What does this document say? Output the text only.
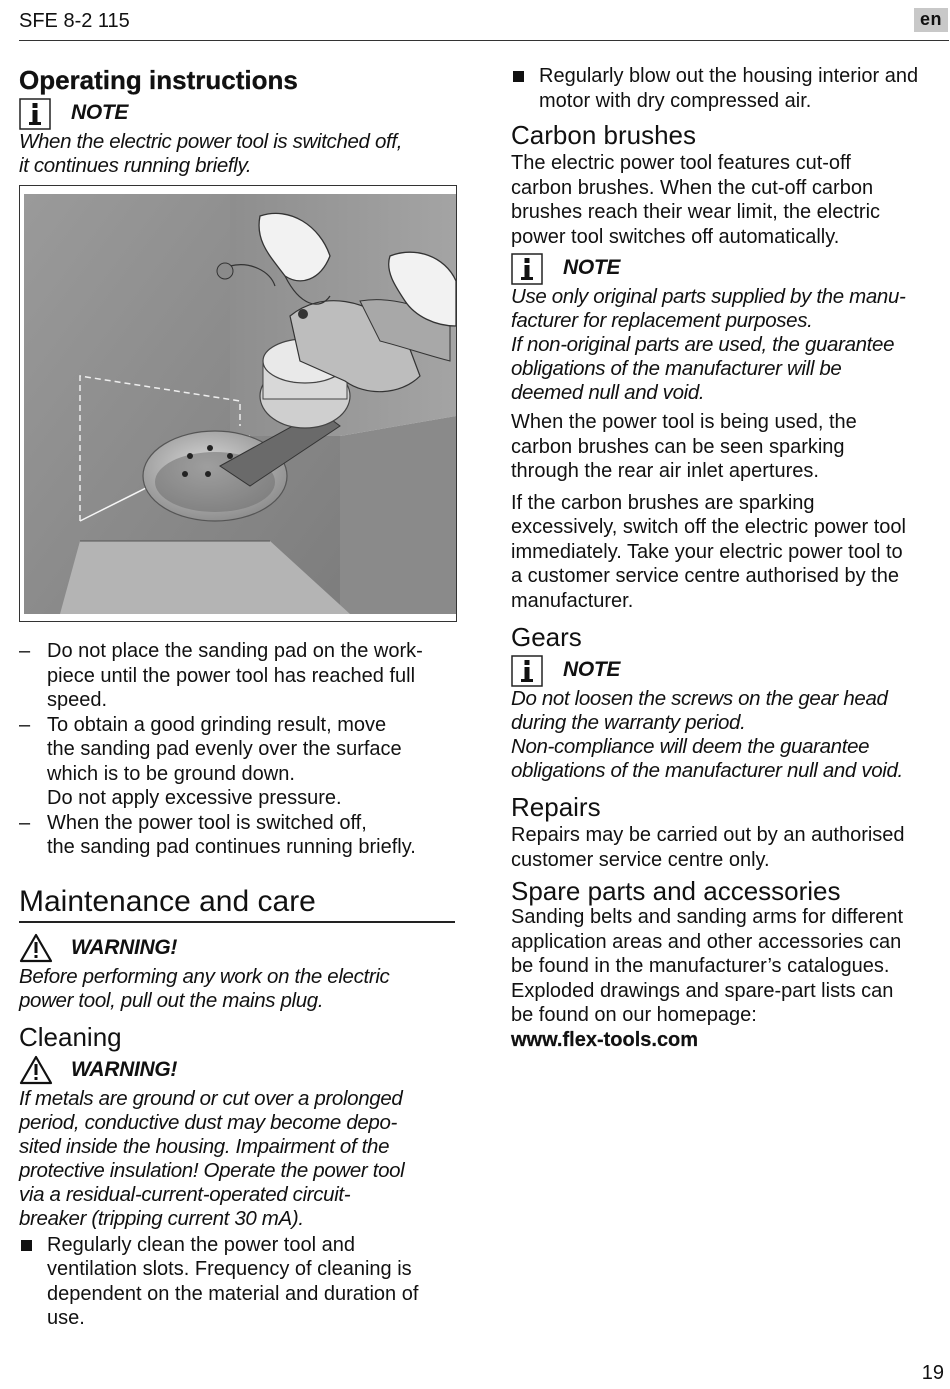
SFE 8-2 115	en
Operating instructions
NOTE

When the electric power tool is switched off,

it continues running briefly.

– Do not place the sanding pad on the work-
piece until the power tool has reached full
speed.
– To obtain a good grinding result, move
the sanding pad evenly over the surface
which is to be ground down.
Do not apply excessive pressure.
– When the power tool is switched off,
the sanding pad continues running briefly.
Maintenance and care
WARNING!

Before performing any work on the electric

power tool, pull out the mains plug.

Cleaning
WARNING!

If metals are ground or cut over a prolonged

period, conductive dust may become depo-

sited inside the housing. Impairment of the

protective insulation! Operate the power tool

via a residual-current-operated circuit-

breaker (tripping current 30 mA).

Regularly clean the power tool and
ventilation slots. Frequency of cleaning is
dependent on the material and duration of
use.
Regularly blow out the housing interior and
motor with dry compressed air.
Carbon brushes

The electric power tool features cut-off

carbon brushes. When the cut-off carbon

brushes reach their wear limit, the electric

power tool switches off automatically.

NOTE

Use only original parts supplied by the manu-

facturer for replacement purposes.

If non-original parts are used, the guarantee

obligations of the manufacturer will be

deemed null and void.

When the power tool is being used, the

carbon brushes can be seen sparking

through the rear air inlet apertures.

If the carbon brushes are sparking

excessively, switch off the electric power tool

immediately. Take your electric power tool to

a customer service centre authorised by the

manufacturer.

Gears
NOTE

Do not loosen the screws on the gear head

during the warranty period.

Non-compliance will deem the guarantee

obligations of the manufacturer null and void.

Repairs

Repairs may be carried out by an authorised

customer service centre only.

Spare parts and accessories

Sanding belts and sanding arms for different

application areas and other accessories can

be found in the manufacturer’s catalogues.

Exploded drawings and spare-part lists can

be found on our homepage:

www.flex-tools.com

19
